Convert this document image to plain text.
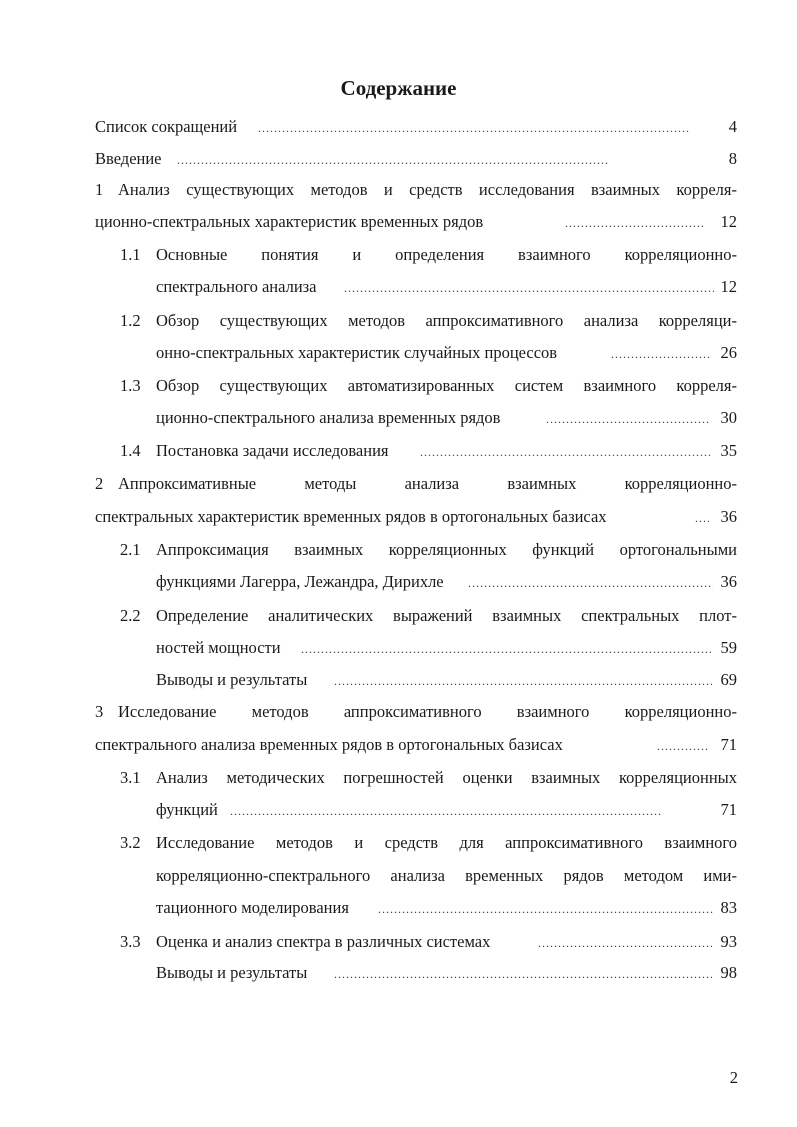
Содержание
Список сокращений . . .	4
Введение . . .	8
1 Анализ существующих методов и средств исследования взаимных корреля-
ционно-спектральных характеристик временных рядов . . .	12
1.1 Основные понятия и определения взаимного корреляционно-
спектрального анализа . . .	12
1.2 Обзор существующих методов аппроксимативного анализа корреляци-
онно-спектральных характеристик случайных процессов . . .	26
1.3 Обзор существующих автоматизированных систем взаимного корреля-
ционно-спектрального анализа временных рядов . . .	30
1.4 Постановка задачи исследования . . .	35
2 Аппроксимативные методы анализа взаимных корреляционно-
спектральных характеристик временных рядов в ортогональных базисах . . .	36
2.1 Аппроксимация взаимных корреляционных функций ортогональными
функциями Лагерра, Лежандра, Дирихле . . .	36
2.2 Определение аналитических выражений взаимных спектральных плот-
ностей мощности . . .	59
Выводы и результаты . . .	69
3 Исследование методов аппроксимативного взаимного корреляционно-
спектрального анализа временных рядов в ортогональных базисах . . .	71
3.1 Анализ методических погрешностей оценки взаимных корреляционных
функций . . .	71
3.2 Исследование методов и средств для аппроксимативного взаимного
корреляционно-спектрального анализа временных рядов методом ими-
тационного моделирования . . .	83
3.3 Оценка и анализ спектра в различных системах . . .	93
Выводы и результаты . . .	98
2
